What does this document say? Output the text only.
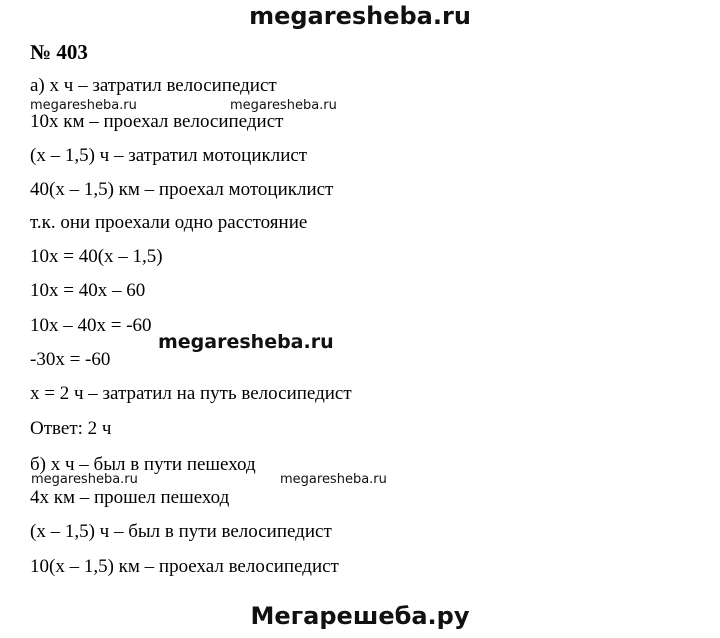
megaresheba.ru
№ 403
а) x ч – затратил велосипедист
10x км – проехал велосипедист
(x – 1,5) ч – затратил мотоциклист
40(x – 1,5) км – проехал мотоциклист
т.к. они проехали одно расстояние
10x = 40(x – 1,5)
10x = 40x – 60
10x – 40x = -60
-30x = -60
x = 2 ч – затратил на путь велосипедист
Ответ: 2 ч
б) x ч – был в пути пешеход
4x км – прошел пешеход
(x – 1,5) ч – был в пути велосипедист
10(x – 1,5) км – проехал велосипедист
megaresheba.ru	megaresheba.ru
megaresheba.ru
megaresheba.ru	megaresheba.ru
Мегарешеба.ру
